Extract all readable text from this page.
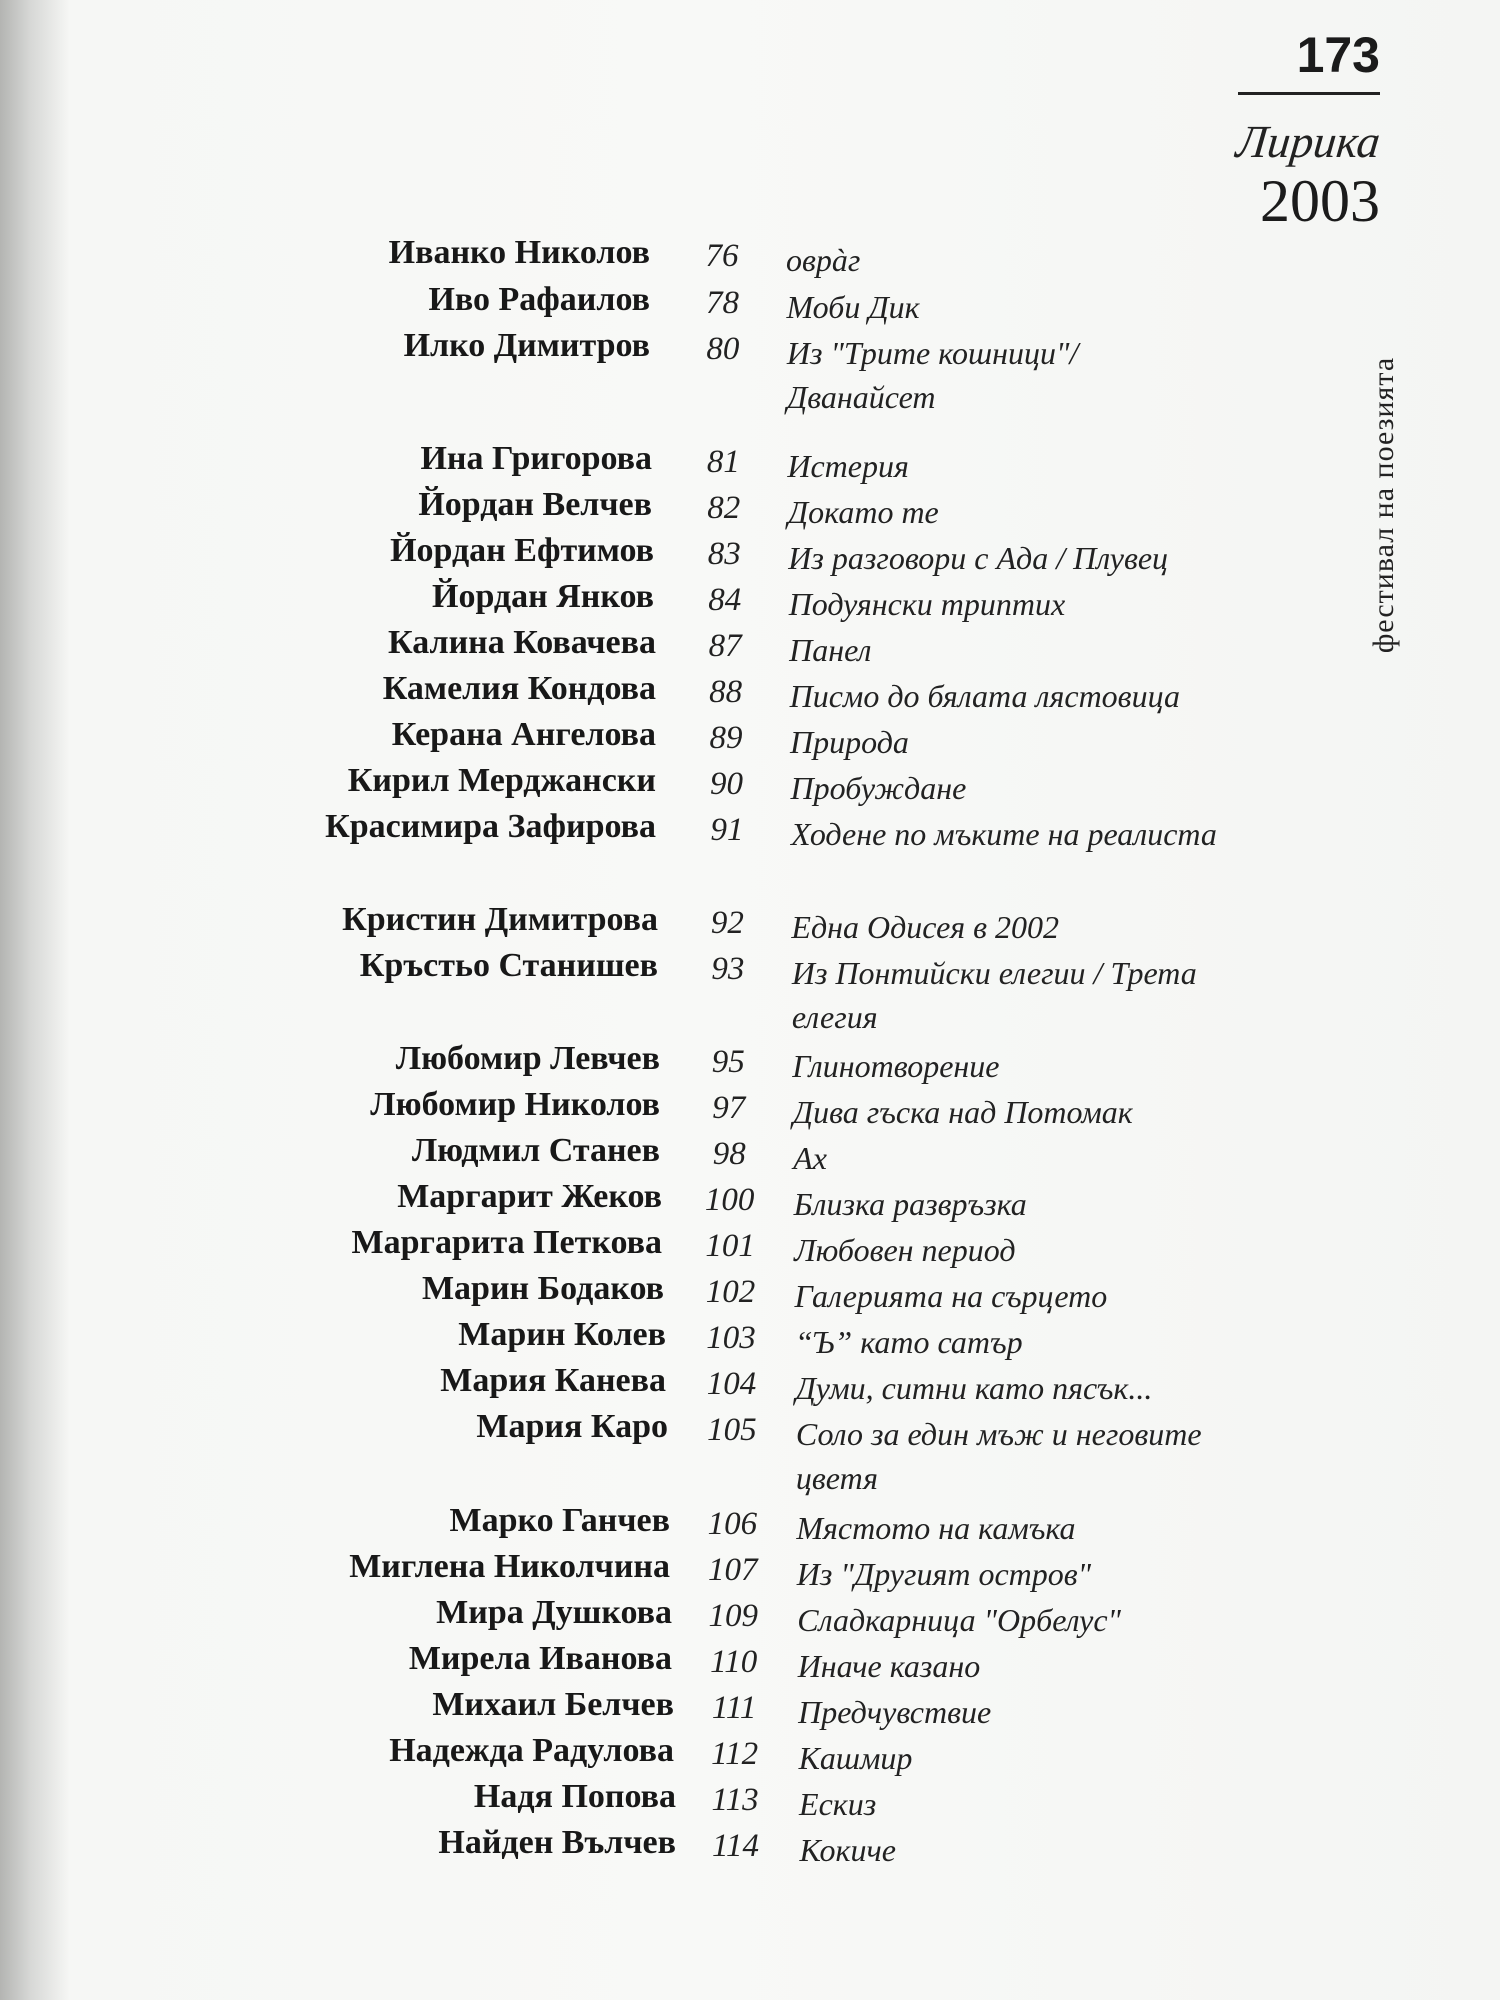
173
Лирика
2003
фестивал на поезията
Иванко Николов	76	оврàг
Иво Рафаилов	78	Моби Дик
Илко Димитров	80	Из "Трите кошници"/ Дванайсет
Ина Григорова	81	Истерия
Йордан Велчев	82	Докато те
Йордан Ефтимов	83	Из разговори с Ада / Плувец
Йордан Янков	84	Подуянски триптих
Калина Ковачева	87	Панел
Камелия Кондова	88	Писмо до бялата лястовица
Керана Ангелова	89	Природа
Кирил Мерджански	90	Пробуждане
Красимира Зафирова	91	Ходене по мъките на реалиста
Кристин Димитрова	92	Една Одисея в 2002
Кръстьо Станишев	93	Из Понтийски елегии / Трета елегия
Любомир Левчев	95	Глинотворение
Любомир Николов	97	Дива гъска над Потомак
Людмил Станев	98	Ах
Маргарит Жеков	100	Близка развръзка
Маргарита Петкова	101	Любовен период
Марин Бодаков	102	Галерията на сърцето
Марин Колев	103	“Ъ” като сатър
Мария Канева	104	Думи, ситни като пясък...
Мария Каро	105	Соло за един мъж и неговите цветя
Марко Ганчев	106	Мястото на камъка
Миглена Николчина	107	Из "Другият остров"
Мира Душкова	109	Сладкарница "Орбелус"
Мирела Иванова	110	Иначе казано
Михаил Белчев	111	Предчувствие
Надежда Радулова	112	Кашмир
Надя Попова	113	Ескиз
Найден Вълчев	114	Кокиче
